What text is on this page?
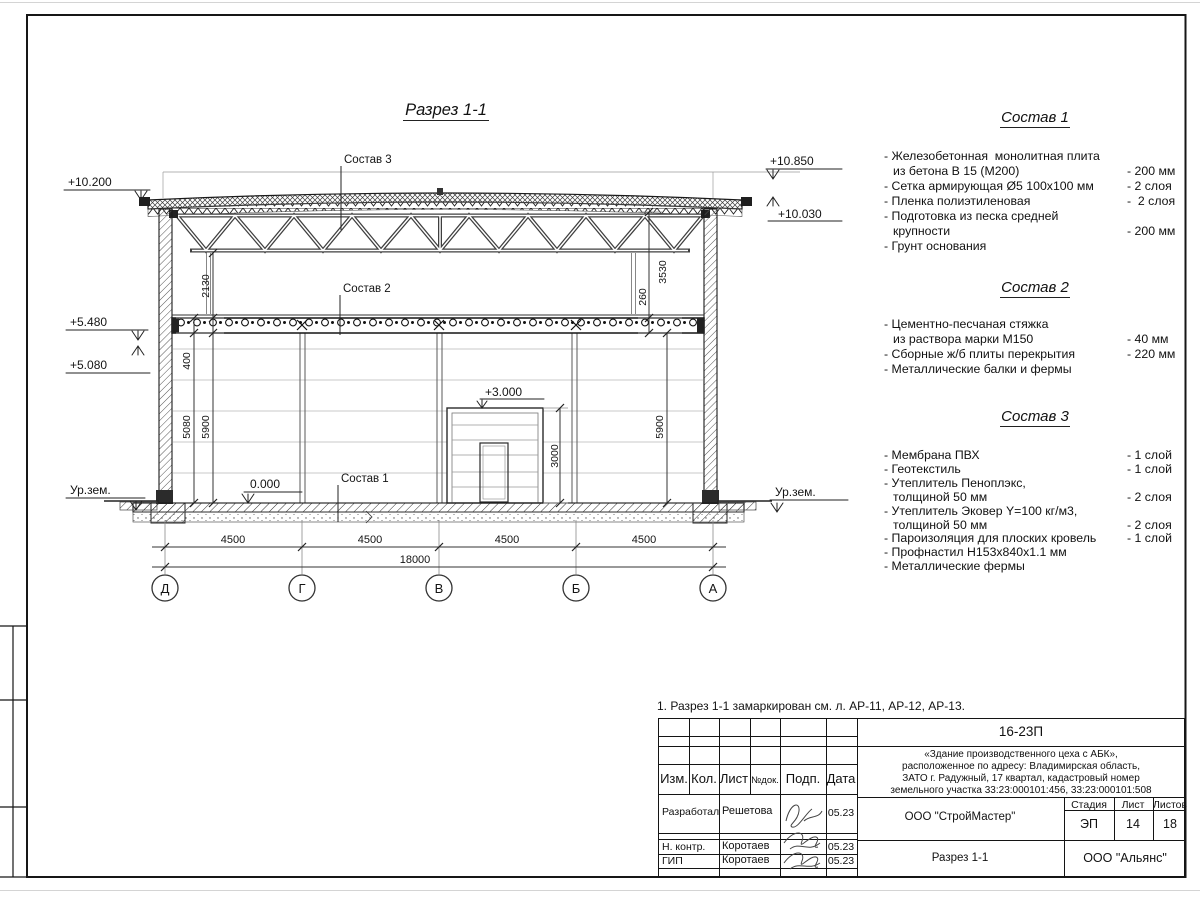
4500	4500	4500	4500
18000
2130
5900
400
5080
3530
260
5900
3000
+10.200
+10.850
+10.030
+5.480
+5.080
Ур.зем.	Ур.зем.
0.000
+3.000
Состав 3
Состав 2
Состав 1
Д	Г	В	Б	А
Разрез 1-1	Состав 1
- Железобетонная  монолитная плита
из бетона В 15 (М200)	- 200 мм
- Сетка армирующая Ø5 100х100 мм	- 2 слоя
- Пленка полиэтиленовая	-  2 слоя
- Подготовка из песка средней
крупности	- 200 мм
- Грунт основания
Состав 2
- Цементно-песчаная стяжка
из раствора марки М150	- 40 мм
- Сборные ж/б плиты перекрытия	- 220 мм
- Металлические балки и фермы
Состав 3
- Мембрана ПВХ	- 1 слой
- Геотекстиль	- 1 слой
- Утеплитель Пеноплэкс,
толщиной 50 мм	- 2 слоя
- Утеплитель Эковер Y=100 кг/м3,
толщиной 50 мм	- 2 слоя
- Пароизоляция для плоских кровель	- 1 слой
- Профнастил Н153х840х1.1 мм
- Металлические фермы
1. Разрез 1-1 замаркирован см. л. АР-11, АР-12, АР-13.
Изм. Кол. Лист №док. Подп. Дата
Разработал Решетова	05.23
Н. контр. Коротаев	05.23
ГИП	Коротаев	05.23
16-23П
«Здание производственного цеха с АБК»,
расположенное по адресу: Владимирская область,
ЗАТО г. Радужный, 17 квартал, кадастровый номер
земельного участка 33:23:000101:456, 33:23:000101:508
Стадия Лист Листов
ЭП 14 18
ООО "СтройМастер"
Разрез 1-1	ООО "Альянс"
